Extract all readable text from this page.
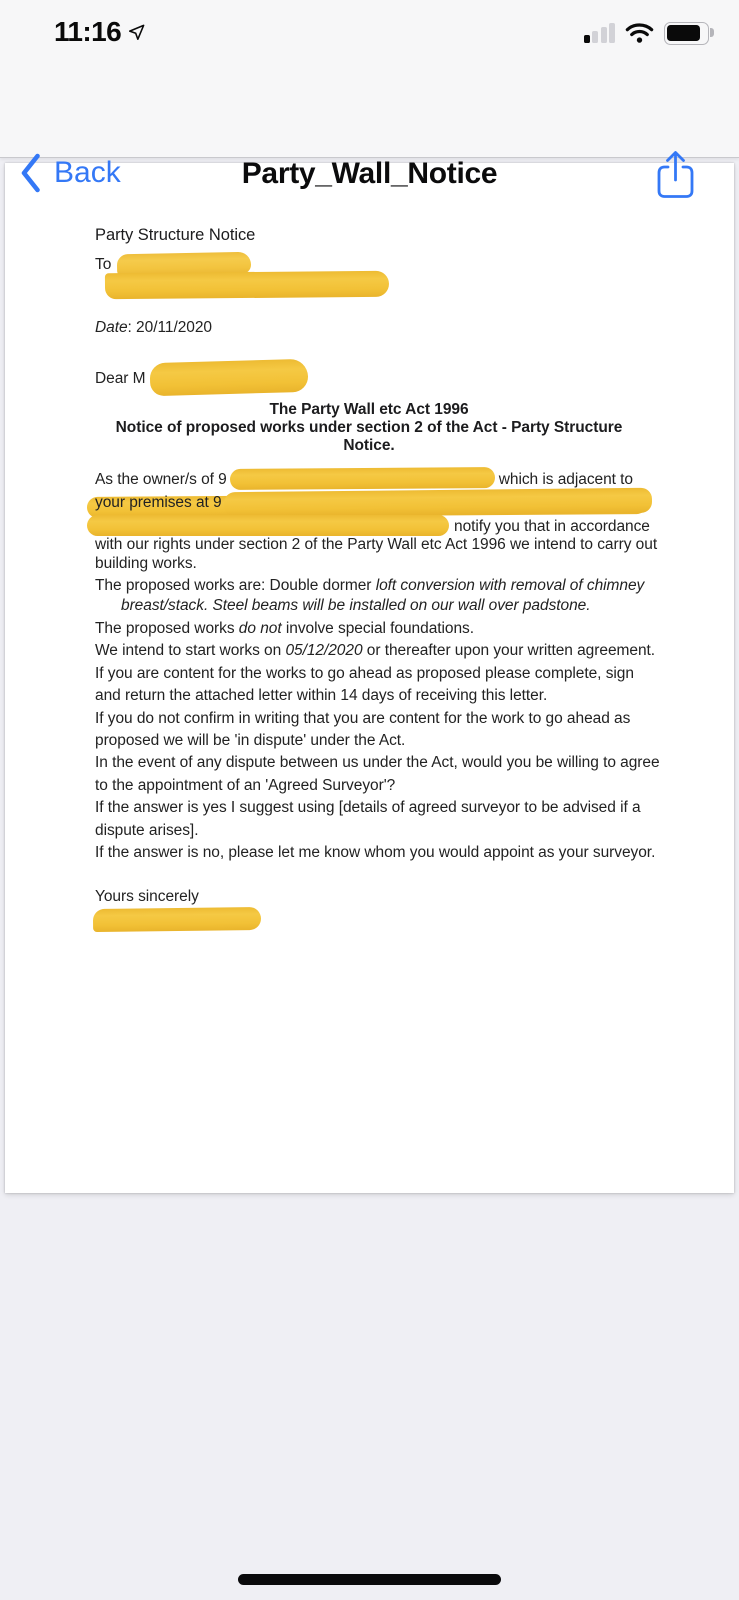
11:16
Back	Party_Wall_Notice
Party Structure Notice
To
Date: 20/11/2020
Dear M
The Party Wall etc Act 1996
Notice of proposed works under section 2 of the Act - Party Structure
Notice.
As the owner/s of 9	which is adjacent to
your premises at 9
notify you that in accordance
with our rights under section 2 of the Party Wall etc Act 1996 we intend to carry out
building works.
The proposed works are: Double dormer loft conversion with removal of chimney
breast/stack. Steel beams will be installed on our wall over padstone.
The proposed works do not involve special foundations.
We intend to start works on 05/12/2020 or thereafter upon your written agreement.
If you are content for the works to go ahead as proposed please complete, sign
and return the attached letter within 14 days of receiving this letter.
If you do not confirm in writing that you are content for the work to go ahead as
proposed we will be 'in dispute' under the Act.
In the event of any dispute between us under the Act, would you be willing to agree
to the appointment of an 'Agreed Surveyor'?
If the answer is yes I suggest using [details of agreed surveyor to be advised if a
dispute arises].
If the answer is no, please let me know whom you would appoint as your surveyor.
Yours sincerely
